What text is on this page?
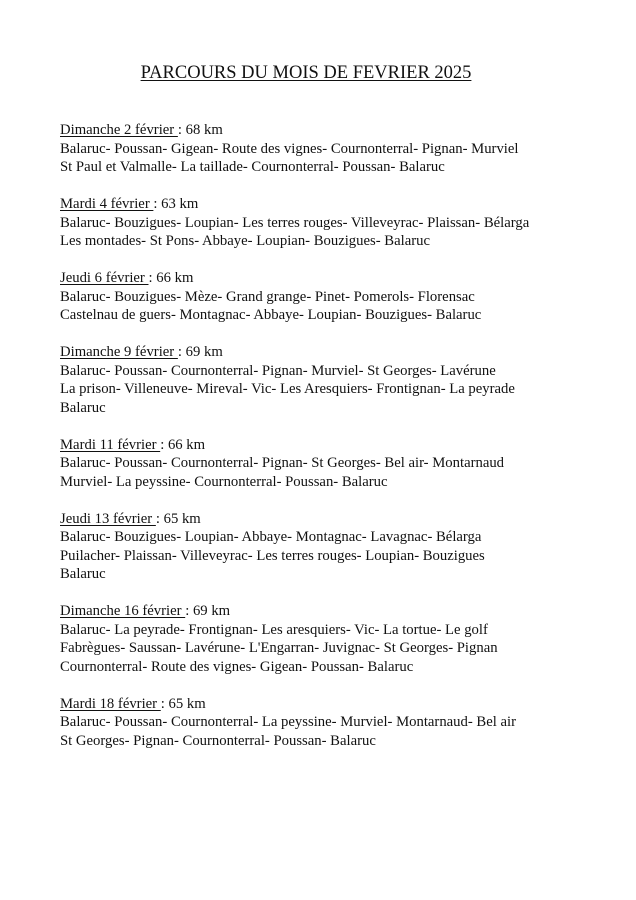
PARCOURS DU MOIS DE FEVRIER 2025
Dimanche 2 février : 68 km
Balaruc- Poussan- Gigean- Route des vignes- Cournonterral- Pignan- Murviel
St Paul et Valmalle- La taillade- Cournonterral- Poussan- Balaruc
Mardi 4 février : 63 km
Balaruc- Bouzigues- Loupian- Les terres rouges- Villeveyrac- Plaissan- Bélarga
Les montades- St Pons- Abbaye- Loupian- Bouzigues- Balaruc
Jeudi 6 février : 66 km
Balaruc- Bouzigues- Mèze- Grand grange- Pinet- Pomerols- Florensac
Castelnau de guers- Montagnac- Abbaye- Loupian- Bouzigues- Balaruc
Dimanche 9 février : 69 km
Balaruc- Poussan- Cournonterral- Pignan- Murviel- St Georges- Lavérune
La prison- Villeneuve- Mireval- Vic- Les Aresquiers- Frontignan- La peyrade
Balaruc
Mardi 11 février : 66 km
Balaruc- Poussan- Cournonterral- Pignan- St Georges- Bel air- Montarnaud
Murviel- La peyssine- Cournonterral- Poussan- Balaruc
Jeudi 13 février : 65 km
Balaruc- Bouzigues- Loupian- Abbaye- Montagnac- Lavagnac- Bélarga
Puilacher- Plaissan- Villeveyrac- Les terres rouges- Loupian- Bouzigues
Balaruc
Dimanche 16 février : 69 km
Balaruc- La peyrade- Frontignan- Les aresquiers- Vic- La tortue- Le golf
Fabrègues- Saussan- Lavérune- L'Engarran- Juvignac- St Georges- Pignan
Cournonterral- Route des vignes- Gigean- Poussan- Balaruc
Mardi 18 février : 65 km
Balaruc- Poussan- Cournonterral- La peyssine- Murviel- Montarnaud- Bel air
St Georges- Pignan- Cournonterral- Poussan- Balaruc
